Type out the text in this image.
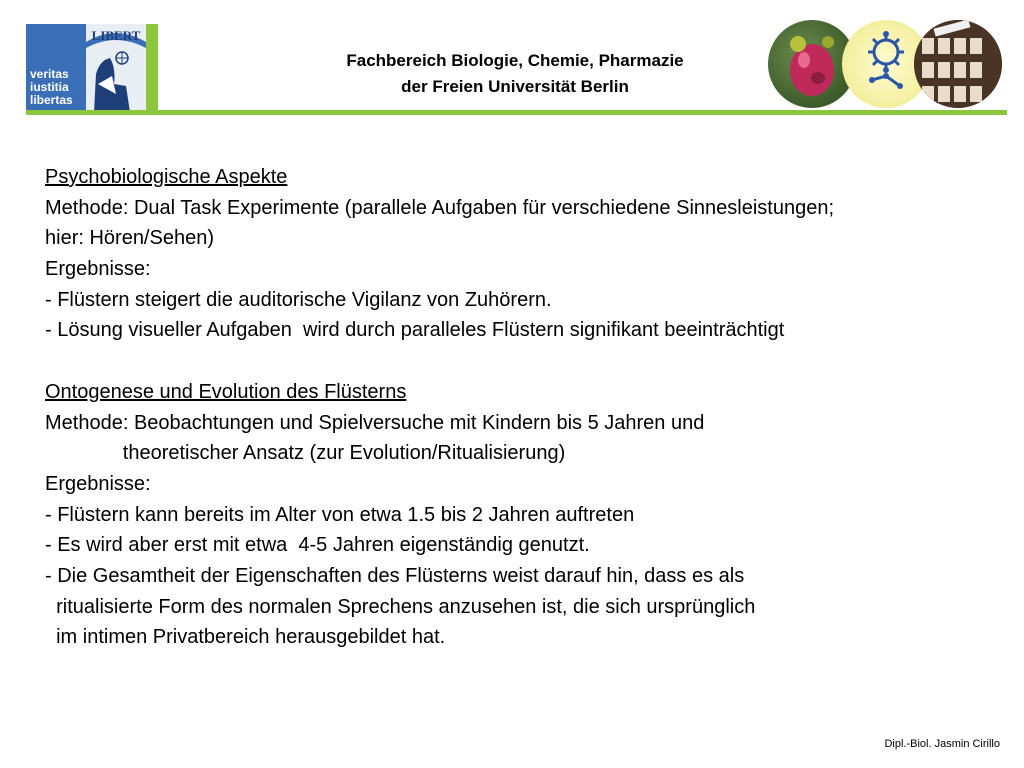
veritas
iustitia
libertas
LIBERT
Fachbereich Biologie, Chemie, Pharmazie
der Freien Universität Berlin
Psychobiologische Aspekte
Methode: Dual Task Experimente (parallele Aufgaben für verschiedene Sinnesleistungen;
hier: Hören/Sehen)
Ergebnisse:
- Flüstern steigert die auditorische Vigilanz von Zuhörern.
- Lösung visueller Aufgaben  wird durch paralleles Flüstern signifikant beeinträchtigt
Ontogenese und Evolution des Flüsterns
Methode: Beobachtungen und Spielversuche mit Kindern bis 5 Jahren und
theoretischer Ansatz (zur Evolution/Ritualisierung)
Ergebnisse:
- Flüstern kann bereits im Alter von etwa 1.5 bis 2 Jahren auftreten
- Es wird aber erst mit etwa  4-5 Jahren eigenständig genutzt.
- Die Gesamtheit der Eigenschaften des Flüsterns weist darauf hin, dass es als
ritualisierte Form des normalen Sprechens anzusehen ist, die sich ursprünglich
im intimen Privatbereich herausgebildet hat.
Dipl.-Biol. Jasmin Cirillo
